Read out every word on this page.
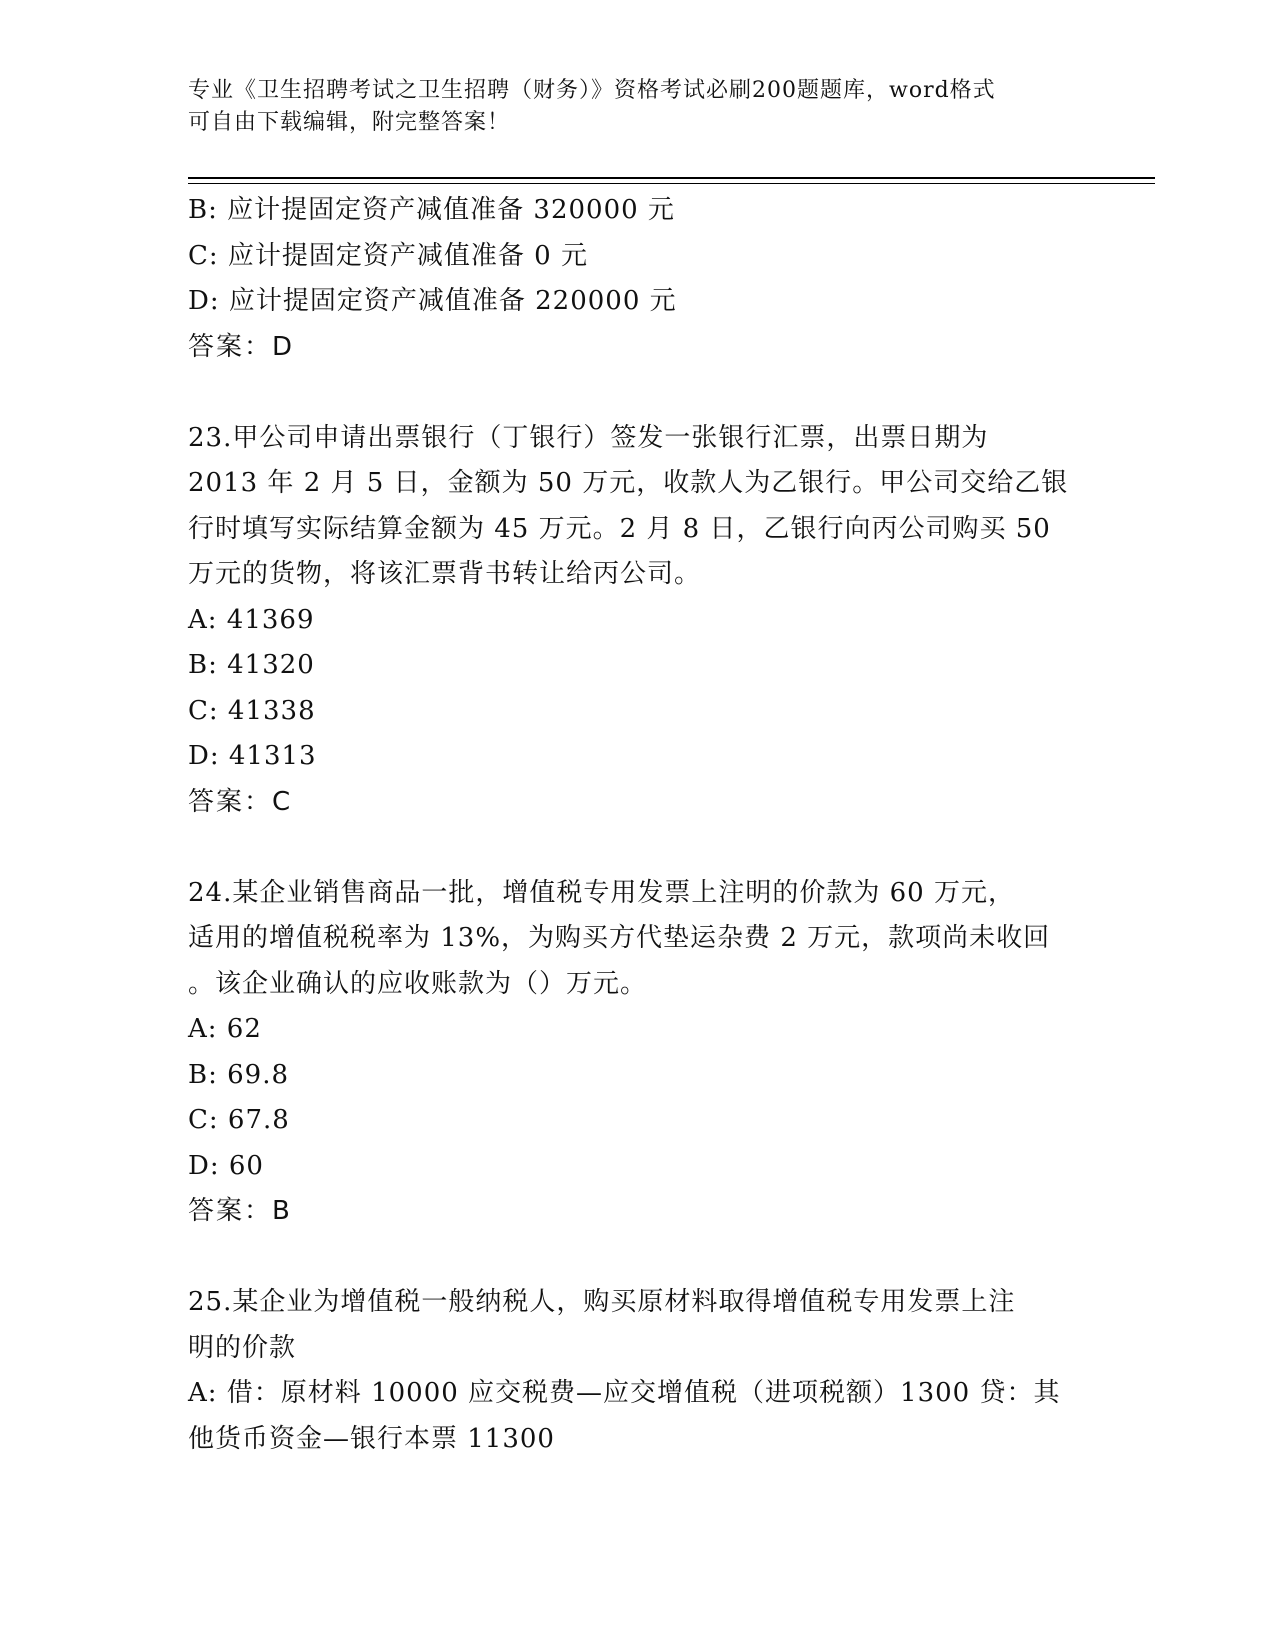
专业《卫生招聘考试之卫生招聘（财务）》资格考试必刷200题题库，word格式
可自由下载编辑，附完整答案！
B: 应计提固定资产减值准备 320000 元
C: 应计提固定资产减值准备 0 元
D: 应计提固定资产减值准备 220000 元
答案：D
23.甲公司申请出票银行（丁银行）签发一张银行汇票，出票日期为
2013 年 2 月 5 日，金额为 50 万元，收款人为乙银行。甲公司交给乙银
行时填写实际结算金额为 45 万元。2 月 8 日，乙银行向丙公司购买 50
万元的货物，将该汇票背书转让给丙公司。
A: 41369
B: 41320
C: 41338
D: 41313
答案：C
24.某企业销售商品一批，增值税专用发票上注明的价款为 60 万元，
适用的增值税税率为 13%，为购买方代垫运杂费 2 万元，款项尚未收回
。该企业确认的应收账款为（）万元。
A: 62
B: 69.8
C: 67.8
D: 60
答案：B
25.某企业为增值税一般纳税人，购买原材料取得增值税专用发票上注
明的价款
A: 借：原材料 10000 应交税费—应交增值税（进项税额）1300 贷：其
他货币资金—银行本票 11300
